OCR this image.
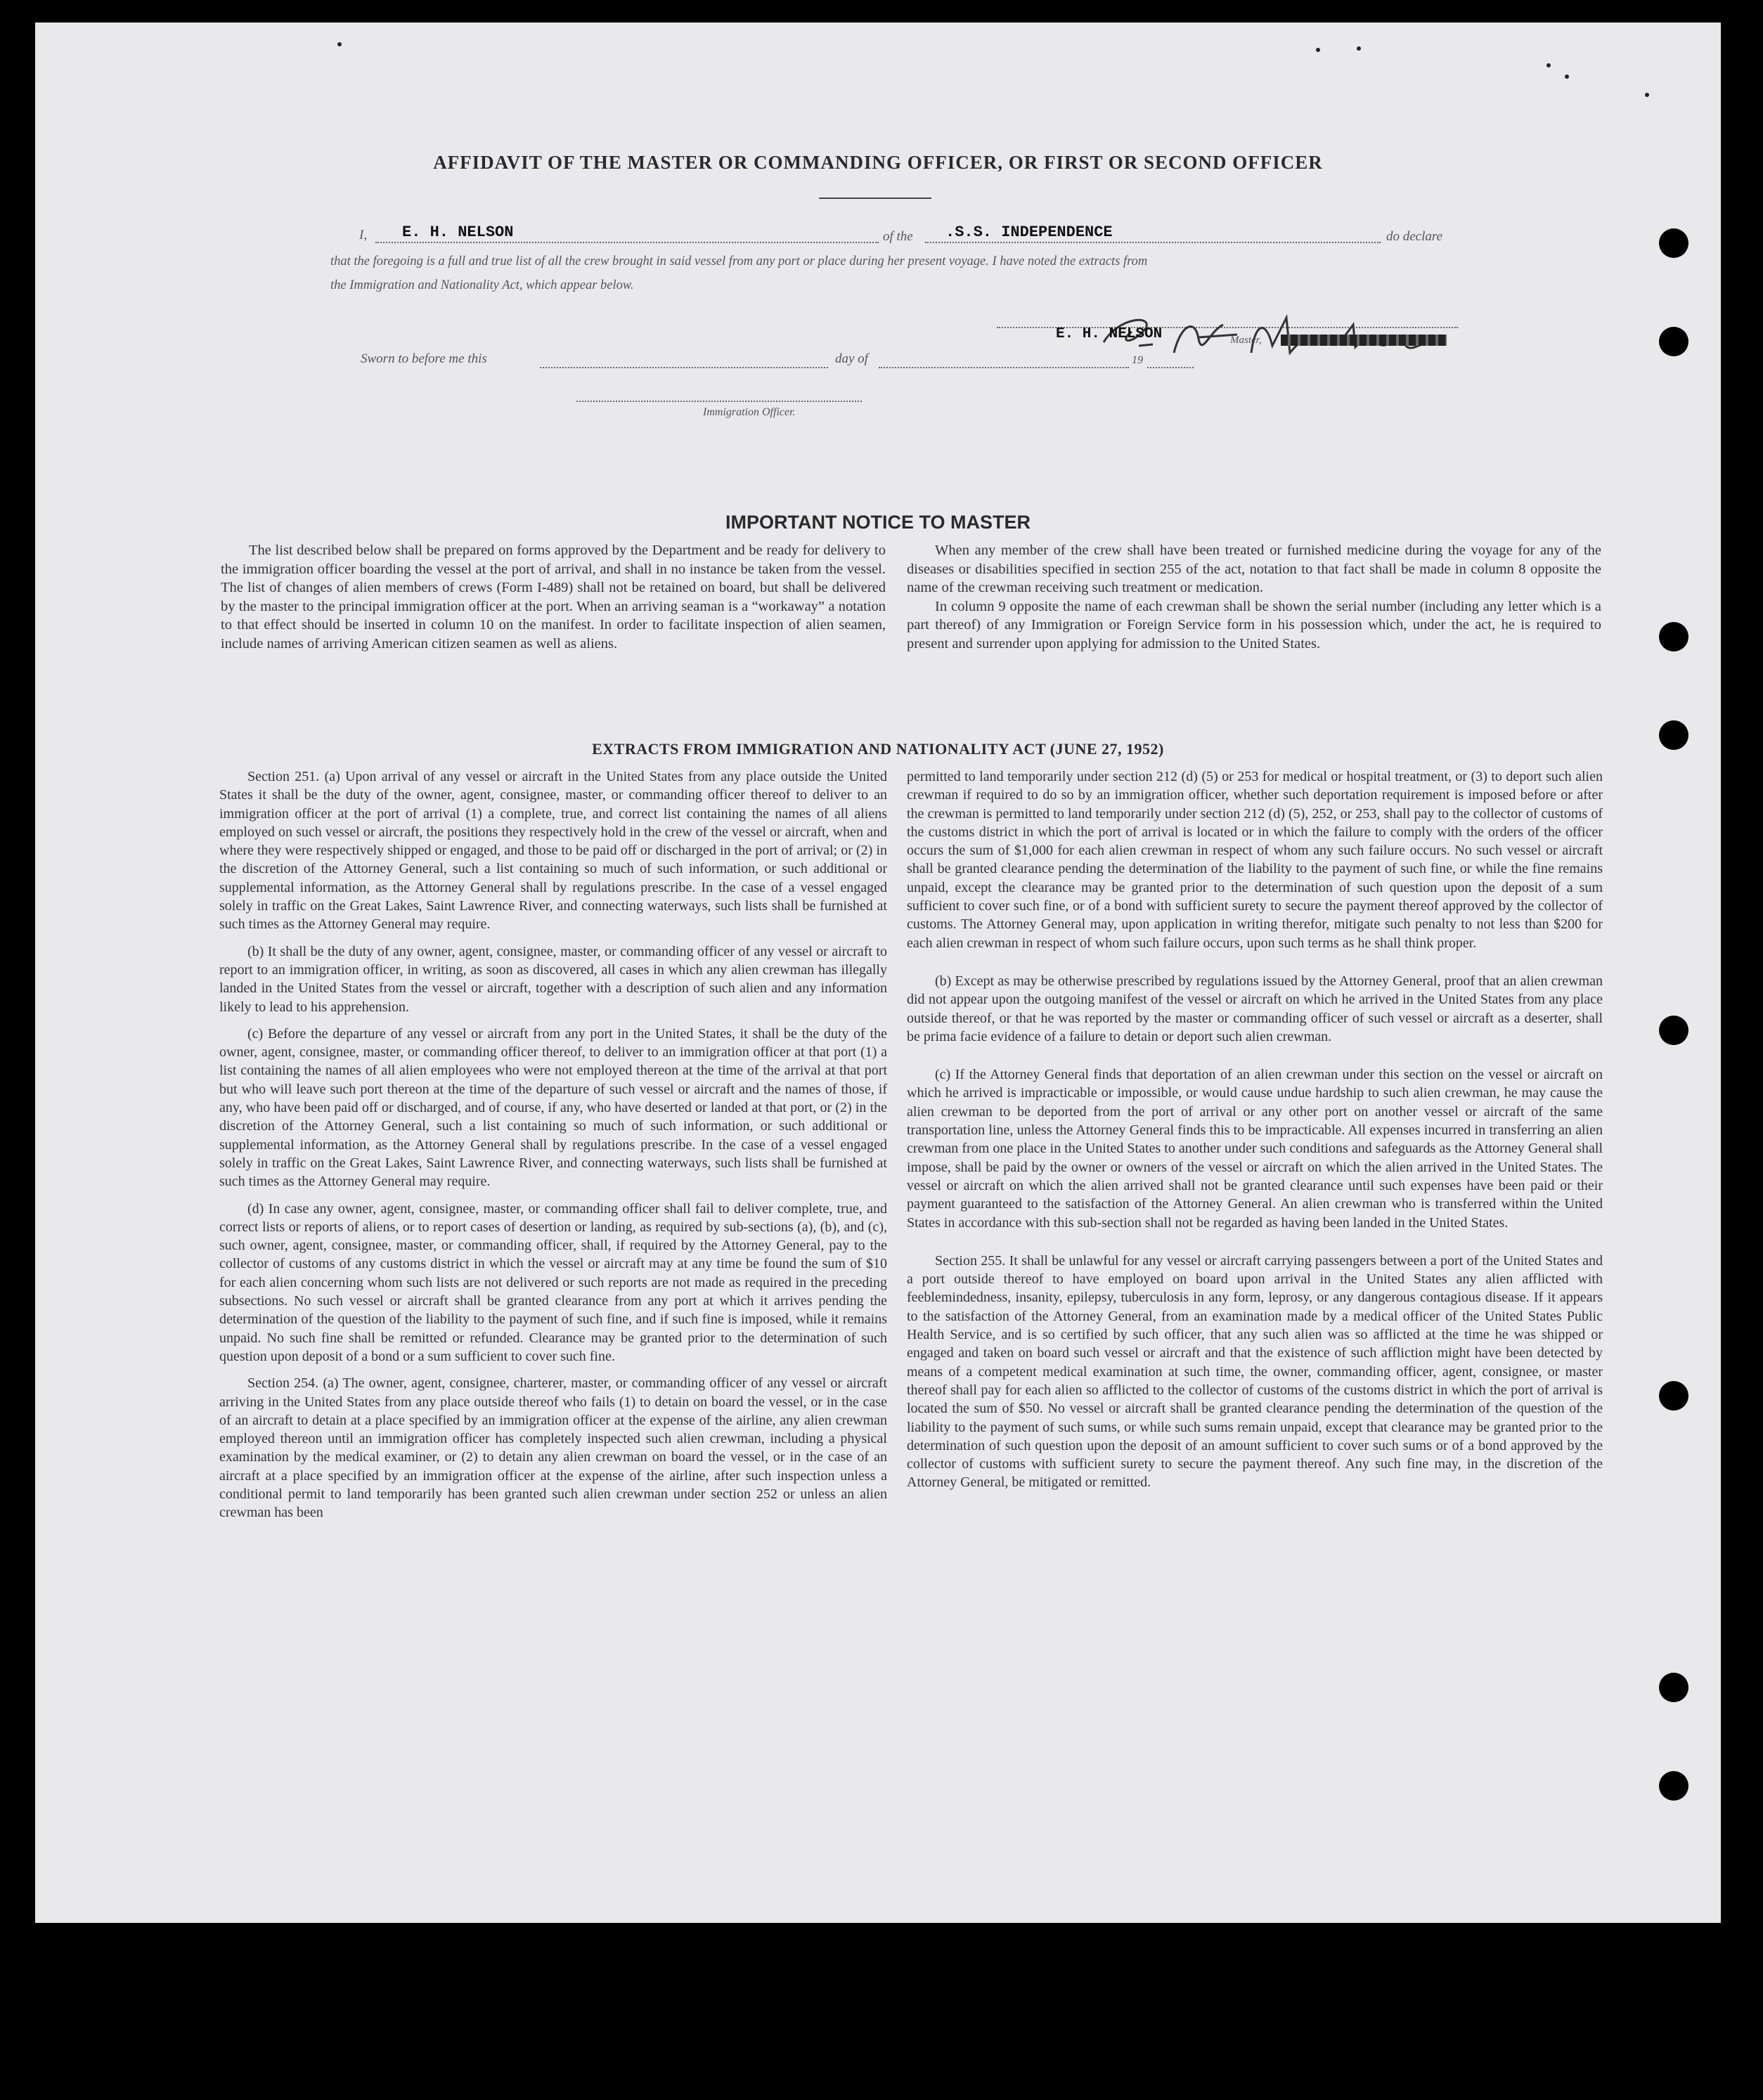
AFFIDAVIT OF THE MASTER OR COMMANDING OFFICER, OR FIRST OR SECOND OFFICER
I, E. H. NELSON	of the .S.S. INDEPENDENCE	do declare
that the foregoing is a full and true list of all the crew brought in said vessel from any port or place during her present voyage. I have noted the extracts from
the Immigration and Nationality Act, which appear below.
E. H. NELSON	Master,
Sworn to before me this	day of	19
Immigration Officer.
IMPORTANT NOTICE TO MASTER

The list described below shall be prepared on forms approved by the Department and be ready for delivery to the immigration officer boarding the vessel at the port of arrival, and shall in no instance be taken from the vessel. The list of changes of alien members of crews (Form I-489) shall not be retained on board, but shall be delivered by the master to the principal immigration officer at the port. When an arriving seaman is a “workaway” a notation to that effect should be inserted in column 10 on the manifest. In order to facilitate inspection of alien seamen, include names of arriving American citizen seamen as well as aliens.

When any member of the crew shall have been treated or furnished medicine during the voyage for any of the diseases or disabilities specified in section 255 of the act, notation to that fact shall be made in column 8 opposite the name of the crewman receiving such treatment or medication.

In column 9 opposite the name of each crewman shall be shown the serial number (including any letter which is a part thereof) of any Immigration or Foreign Service form in his possession which, under the act, he is required to present and surrender upon applying for admission to the United States.

EXTRACTS FROM IMMIGRATION AND NATIONALITY ACT (JUNE 27, 1952)

Section 251. (a) Upon arrival of any vessel or aircraft in the United States from any place outside the United States it shall be the duty of the owner, agent, consignee, master, or commanding officer thereof to deliver to an immigration officer at the port of arrival (1) a complete, true, and correct list containing the names of all aliens employed on such vessel or aircraft, the positions they respectively hold in the crew of the vessel or aircraft, when and where they were respectively shipped or engaged, and those to be paid off or discharged in the port of arrival; or (2) in the discretion of the Attorney General, such a list containing so much of such information, or such additional or supplemental information, as the Attorney General shall by regulations prescribe. In the case of a vessel engaged solely in traffic on the Great Lakes, Saint Lawrence River, and connecting waterways, such lists shall be furnished at such times as the Attorney General may require.

(b) It shall be the duty of any owner, agent, consignee, master, or commanding officer of any vessel or aircraft to report to an immigration officer, in writing, as soon as discovered, all cases in which any alien crewman has illegally landed in the United States from the vessel or aircraft, together with a description of such alien and any information likely to lead to his apprehension.

(c) Before the departure of any vessel or aircraft from any port in the United States, it shall be the duty of the owner, agent, consignee, master, or commanding officer thereof, to deliver to an immigration officer at that port (1) a list containing the names of all alien employees who were not employed thereon at the time of the arrival at that port but who will leave such port thereon at the time of the departure of such vessel or aircraft and the names of those, if any, who have been paid off or discharged, and of course, if any, who have deserted or landed at that port, or (2) in the discretion of the Attorney General, such a list containing so much of such information, or such additional or supplemental information, as the Attorney General shall by regulations prescribe. In the case of a vessel engaged solely in traffic on the Great Lakes, Saint Lawrence River, and connecting waterways, such lists shall be furnished at such times as the Attorney General may require.

(d) In case any owner, agent, consignee, master, or commanding officer shall fail to deliver complete, true, and correct lists or reports of aliens, or to report cases of desertion or landing, as required by sub-sections (a), (b), and (c), such owner, agent, consignee, master, or commanding officer, shall, if required by the Attorney General, pay to the collector of customs of any customs district in which the vessel or aircraft may at any time be found the sum of $10 for each alien concerning whom such lists are not delivered or such reports are not made as required in the preceding subsections. No such vessel or aircraft shall be granted clearance from any port at which it arrives pending the determination of the question of the liability to the payment of such fine, and if such fine is imposed, while it remains unpaid. No such fine shall be remitted or refunded. Clearance may be granted prior to the determination of such question upon deposit of a bond or a sum sufficient to cover such fine.

Section 254. (a) The owner, agent, consignee, charterer, master, or commanding officer of any vessel or aircraft arriving in the United States from any place outside thereof who fails (1) to detain on board the vessel, or in the case of an aircraft to detain at a place specified by an immigration officer at the expense of the airline, any alien crewman employed thereon until an immigration officer has completely inspected such alien crewman, including a physical examination by the medical examiner, or (2) to detain any alien crewman on board the vessel, or in the case of an aircraft at a place specified by an immigration officer at the expense of the airline, after such inspection unless a conditional permit to land temporarily has been granted such alien crewman under section 252 or unless an alien crewman has been

permitted to land temporarily under section 212 (d) (5) or 253 for medical or hospital treatment, or (3) to deport such alien crewman if required to do so by an immigration officer, whether such deportation requirement is imposed before or after the crewman is permitted to land temporarily under section 212 (d) (5), 252, or 253, shall pay to the collector of customs of the customs district in which the port of arrival is located or in which the failure to comply with the orders of the officer occurs the sum of $1,000 for each alien crewman in respect of whom any such failure occurs. No such vessel or aircraft shall be granted clearance pending the determination of the liability to the payment of such fine, or while the fine remains unpaid, except the clearance may be granted prior to the determination of such question upon the deposit of a sum sufficient to cover such fine, or of a bond with sufficient surety to secure the payment thereof approved by the collector of customs. The Attorney General may, upon application in writing therefor, mitigate such penalty to not less than $200 for each alien crewman in respect of whom such failure occurs, upon such terms as he shall think proper.

(b) Except as may be otherwise prescribed by regulations issued by the Attorney General, proof that an alien crewman did not appear upon the outgoing manifest of the vessel or aircraft on which he arrived in the United States from any place outside thereof, or that he was reported by the master or commanding officer of such vessel or aircraft as a deserter, shall be prima facie evidence of a failure to detain or deport such alien crewman.

(c) If the Attorney General finds that deportation of an alien crewman under this section on the vessel or aircraft on which he arrived is impracticable or impossible, or would cause undue hardship to such alien crewman, he may cause the alien crewman to be deported from the port of arrival or any other port on another vessel or aircraft of the same transportation line, unless the Attorney General finds this to be impracticable. All expenses incurred in transferring an alien crewman from one place in the United States to another under such conditions and safeguards as the Attorney General shall impose, shall be paid by the owner or owners of the vessel or aircraft on which the alien arrived in the United States. The vessel or aircraft on which the alien arrived shall not be granted clearance until such expenses have been paid or their payment guaranteed to the satisfaction of the Attorney General. An alien crewman who is transferred within the United States in accordance with this sub-section shall not be regarded as having been landed in the United States.

Section 255. It shall be unlawful for any vessel or aircraft carrying passengers between a port of the United States and a port outside thereof to have employed on board upon arrival in the United States any alien afflicted with feeblemindedness, insanity, epilepsy, tuberculosis in any form, leprosy, or any dangerous contagious disease. If it appears to the satisfaction of the Attorney General, from an examination made by a medical officer of the United States Public Health Service, and is so certified by such officer, that any such alien was so afflicted at the time he was shipped or engaged and taken on board such vessel or aircraft and that the existence of such affliction might have been detected by means of a competent medical examination at such time, the owner, commanding officer, agent, consignee, or master thereof shall pay for each alien so afflicted to the collector of customs of the customs district in which the port of arrival is located the sum of $50. No vessel or aircraft shall be granted clearance pending the determination of the question of the liability to the payment of such sums, or while such sums remain unpaid, except that clearance may be granted prior to the determination of such question upon the deposit of an amount sufficient to cover such sums or of a bond approved by the collector of customs with sufficient surety to secure the payment thereof. Any such fine may, in the discretion of the Attorney General, be mitigated or remitted.
